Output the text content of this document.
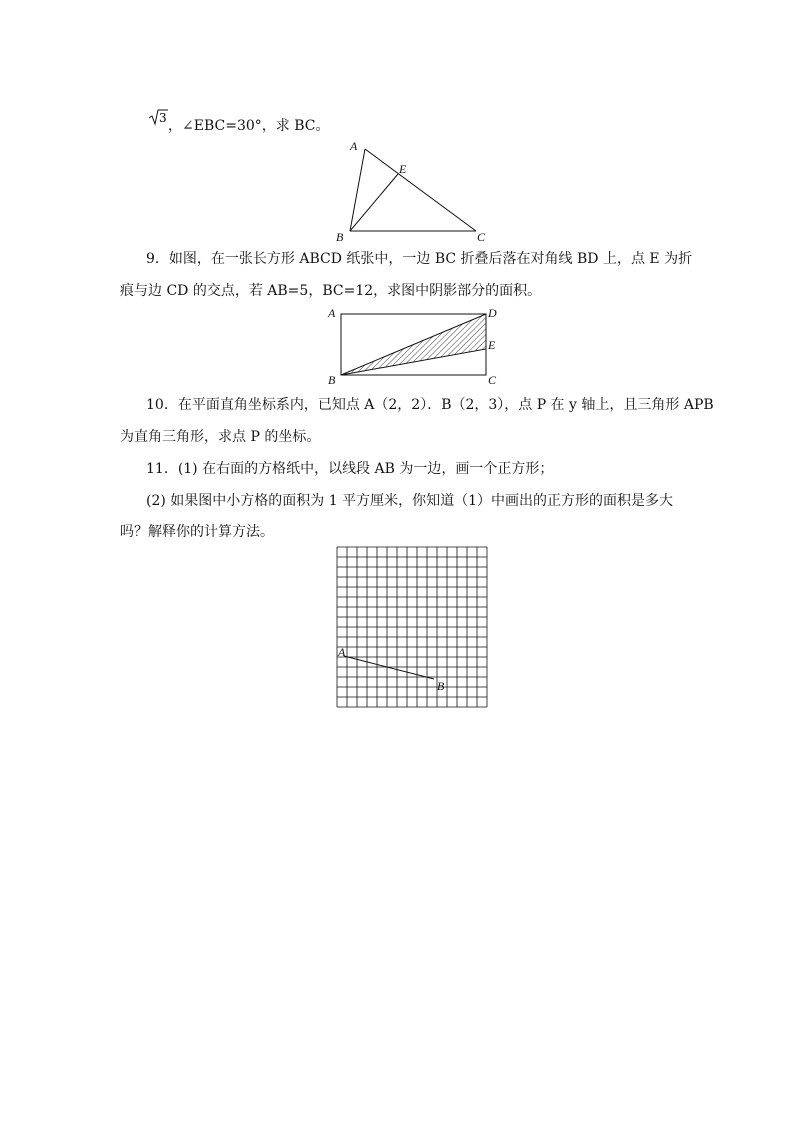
3 ，∠EBC=30°，求 BC。
A
E
B	C
9．如图，在一张长方形 ABCD 纸张中，一边 BC 折叠后落在对角线 BD 上，点 E 为折
痕与边 CD 的交点，若 AB=5，BC=12，求图中阴影部分的面积。
A	D
E
B	C
10．在平面直角坐标系内，已知点 A（2，2）．B（2，3），点 P 在 y 轴上，且三角形 APB
为直角三角形，求点 P 的坐标。
11．(1) 在右面的方格纸中，以线段 AB 为一边，画一个正方形；
(2) 如果图中小方格的面积为 1 平方厘米，你知道（1）中画出的正方形的面积是多大
吗？解释你的计算方法。
A
B
